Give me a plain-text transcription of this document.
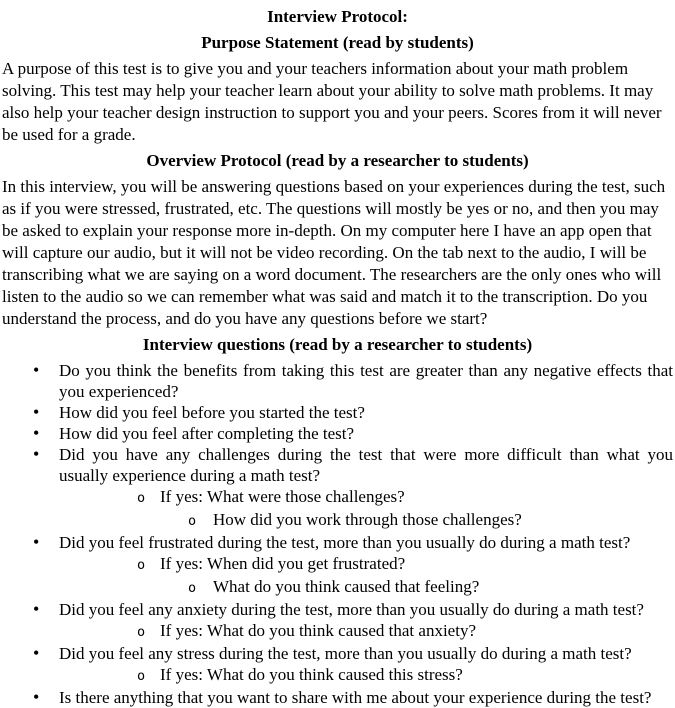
Interview Protocol:
Purpose Statement (read by students)

A purpose of this test is to give you and your teachers information about your math problem solving. This test may help your teacher learn about your ability to solve math problems. It may also help your teacher design instruction to support you and your peers. Scores from it will never be used for a grade.

Overview Protocol (read by a researcher to students)

In this interview, you will be answering questions based on your experiences during the test, such as if you were stressed, frustrated, etc. The questions will mostly be yes or no, and then you may be asked to explain your response more in-depth. On my computer here I have an app open that will capture our audio, but it will not be video recording. On the tab next to the audio, I will be transcribing what we are saying on a word document. The researchers are the only ones who will listen to the audio so we can remember what was said and match it to the transcription. Do you understand the process, and do you have any questions before we start?

Interview questions (read by a researcher to students)
•
Do you think the benefits from taking this test are greater than any negative effects that you experienced?
•
How did you feel before you started the test?
•
How did you feel after completing the test?
•
Did you have any challenges during the test that were more difficult than what you usually experience during a math test?
o
If yes: What were those challenges?
o
How did you work through those challenges?
•
Did you feel frustrated during the test, more than you usually do during a math test?
o
If yes: When did you get frustrated?
o
What do you think caused that feeling?
•
Did you feel any anxiety during the test, more than you usually do during a math test?
o
If yes: What do you think caused that anxiety?
•
Did you feel any stress during the test, more than you usually do during a math test?
o
If yes: What do you think caused this stress?
•
Is there anything that you want to share with me about your experience during the test?
